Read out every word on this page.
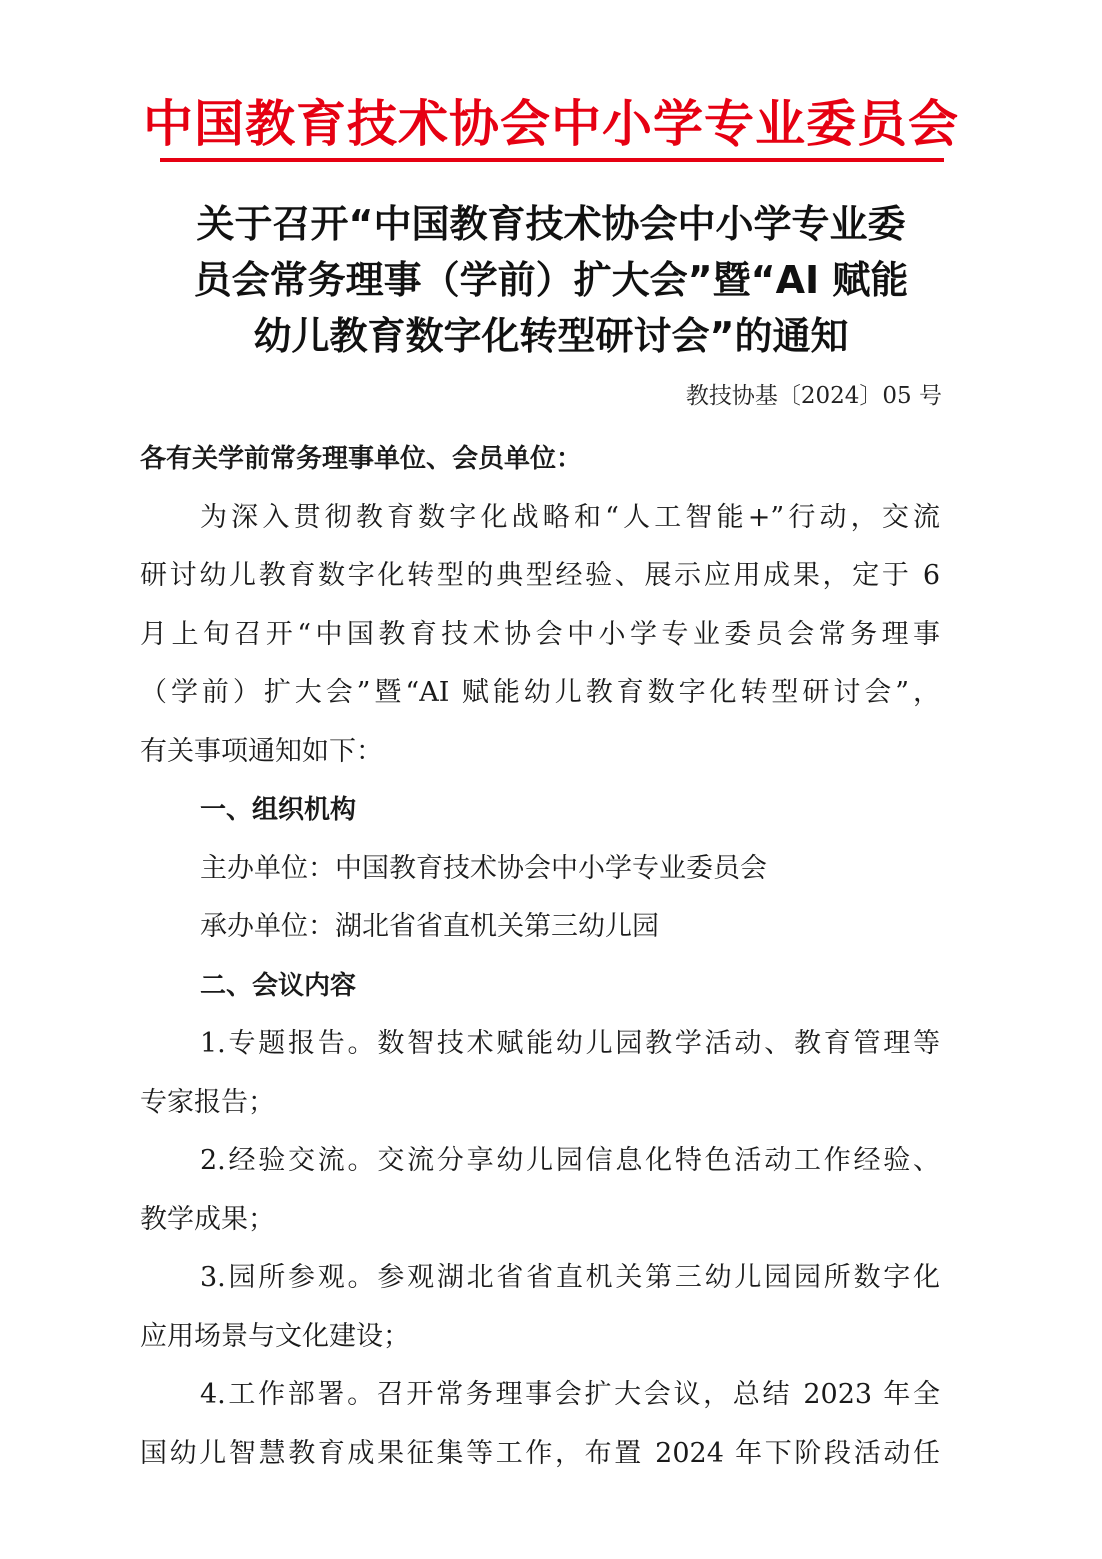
中国教育技术协会中小学专业委员会
关于召开“中国教育技术协会中小学专业委
员会常务理事（学前）扩大会”暨“AI 赋能
幼儿教育数字化转型研讨会”的通知
教技协基〔2024〕05 号
各有关学前常务理事单位、会员单位：
为深入贯彻教育数字化战略和“人工智能+”行动，交流
研讨幼儿教育数字化转型的典型经验、展示应用成果，定于 6
月上旬召开“中国教育技术协会中小学专业委员会常务理事
（学前）扩大会”暨“AI 赋能幼儿教育数字化转型研讨会”，
有关事项通知如下：
一、组织机构
主办单位：中国教育技术协会中小学专业委员会
承办单位：湖北省省直机关第三幼儿园
二、会议内容
1.专题报告。数智技术赋能幼儿园教学活动、教育管理等
专家报告；
2.经验交流。交流分享幼儿园信息化特色活动工作经验、
教学成果；
3.园所参观。参观湖北省省直机关第三幼儿园园所数字化
应用场景与文化建设；
4.工作部署。召开常务理事会扩大会议，总结 2023 年全
国幼儿智慧教育成果征集等工作，布置 2024 年下阶段活动任
